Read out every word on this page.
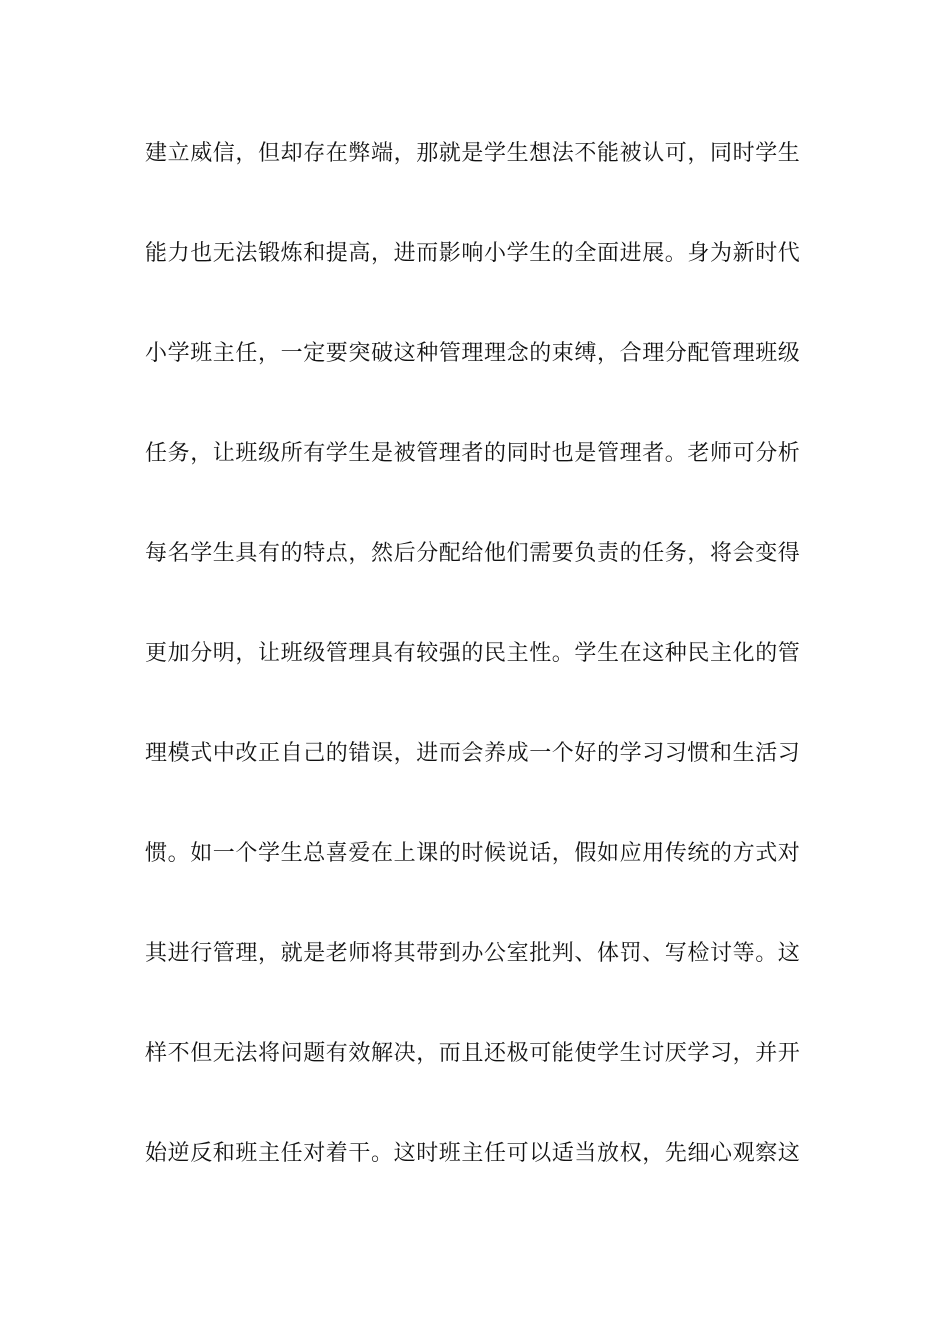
建立威信，但却存在弊端，那就是学生想法不能被认可，同时学生
能力也无法锻炼和提高，进而影响小学生的全面进展。身为新时代
小学班主任，一定要突破这种管理理念的束缚，合理分配管理班级
任务，让班级所有学生是被管理者的同时也是管理者。老师可分析
每名学生具有的特点，然后分配给他们需要负责的任务，将会变得
更加分明，让班级管理具有较强的民主性。学生在这种民主化的管
理模式中改正自己的错误，进而会养成一个好的学习习惯和生活习
惯。如一个学生总喜爱在上课的时候说话，假如应用传统的方式对
其进行管理，就是老师将其带到办公室批判、体罚、写检讨等。这
样不但无法将问题有效解决，而且还极可能使学生讨厌学习，并开
始逆反和班主任对着干。这时班主任可以适当放权，先细心观察这
